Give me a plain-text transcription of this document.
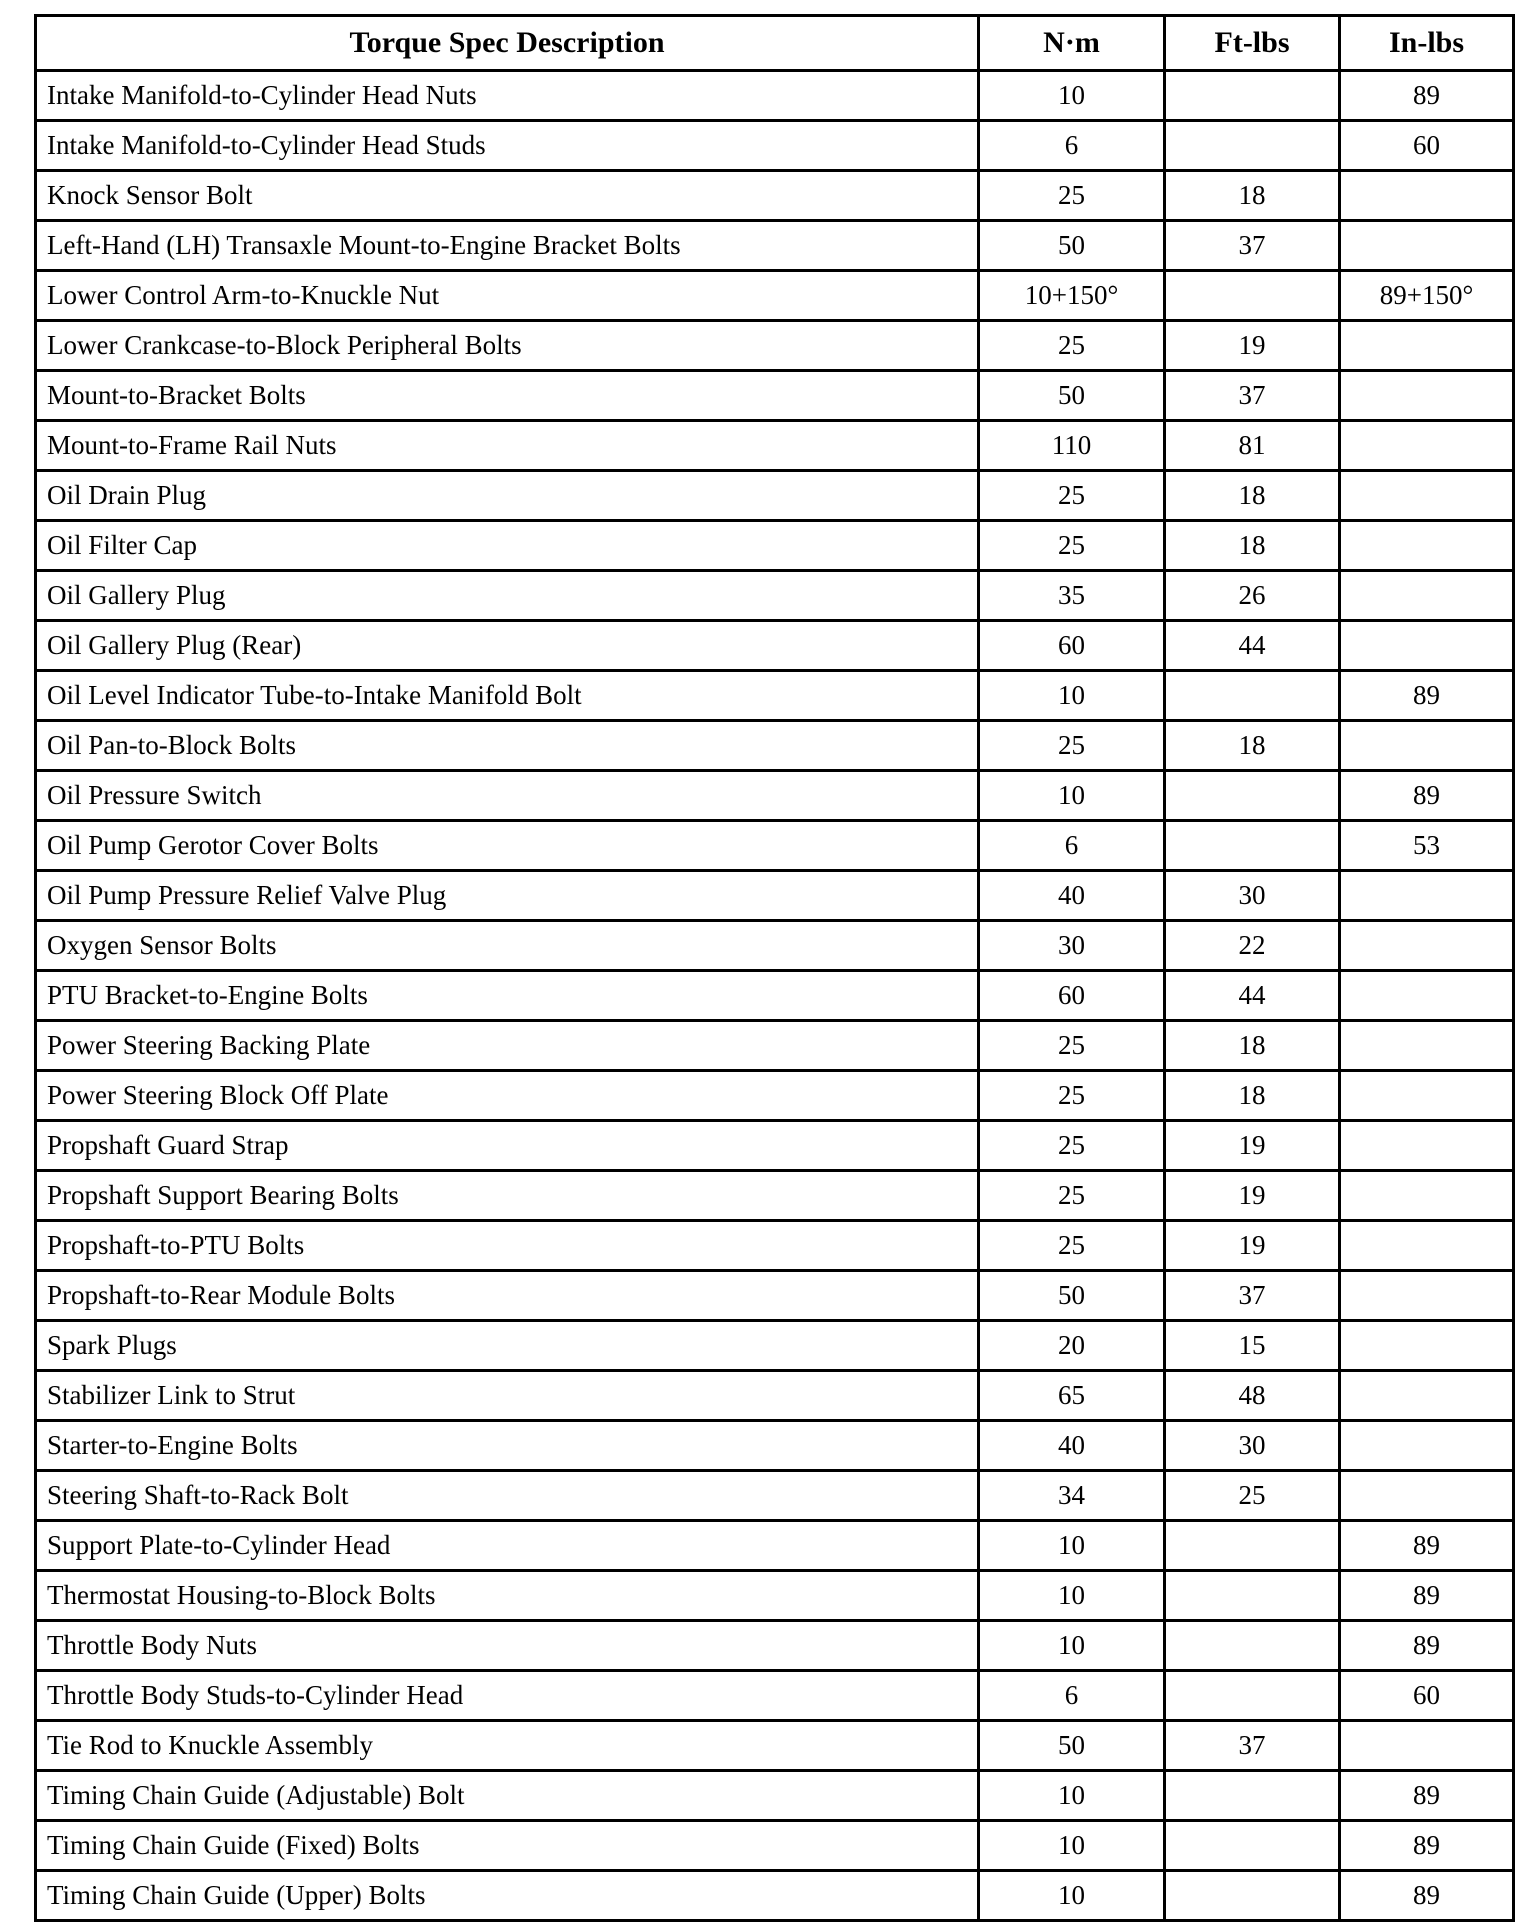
Torque Spec Description	N·m	Ft-lbs	In-lbs
Intake Manifold-to-Cylinder Head Nuts	10		89
Intake Manifold-to-Cylinder Head Studs	6		60
Knock Sensor Bolt	25	18	
Left-Hand (LH) Transaxle Mount-to-Engine Bracket Bolts	50	37	
Lower Control Arm-to-Knuckle Nut	10+150°		89+150°
Lower Crankcase-to-Block Peripheral Bolts	25	19	
Mount-to-Bracket Bolts	50	37	
Mount-to-Frame Rail Nuts	110	81	
Oil Drain Plug	25	18	
Oil Filter Cap	25	18	
Oil Gallery Plug	35	26	
Oil Gallery Plug (Rear)	60	44	
Oil Level Indicator Tube-to-Intake Manifold Bolt	10		89
Oil Pan-to-Block Bolts	25	18	
Oil Pressure Switch	10		89
Oil Pump Gerotor Cover Bolts	6		53
Oil Pump Pressure Relief Valve Plug	40	30	
Oxygen Sensor Bolts	30	22	
PTU Bracket-to-Engine Bolts	60	44	
Power Steering Backing Plate	25	18	
Power Steering Block Off Plate	25	18	
Propshaft Guard Strap	25	19	
Propshaft Support Bearing Bolts	25	19	
Propshaft-to-PTU Bolts	25	19	
Propshaft-to-Rear Module Bolts	50	37	
Spark Plugs	20	15	
Stabilizer Link to Strut	65	48	
Starter-to-Engine Bolts	40	30	
Steering Shaft-to-Rack Bolt	34	25	
Support Plate-to-Cylinder Head	10		89
Thermostat Housing-to-Block Bolts	10		89
Throttle Body Nuts	10		89
Throttle Body Studs-to-Cylinder Head	6		60
Tie Rod to Knuckle Assembly	50	37	
Timing Chain Guide (Adjustable) Bolt	10		89
Timing Chain Guide (Fixed) Bolts	10		89
Timing Chain Guide (Upper) Bolts	10		89
